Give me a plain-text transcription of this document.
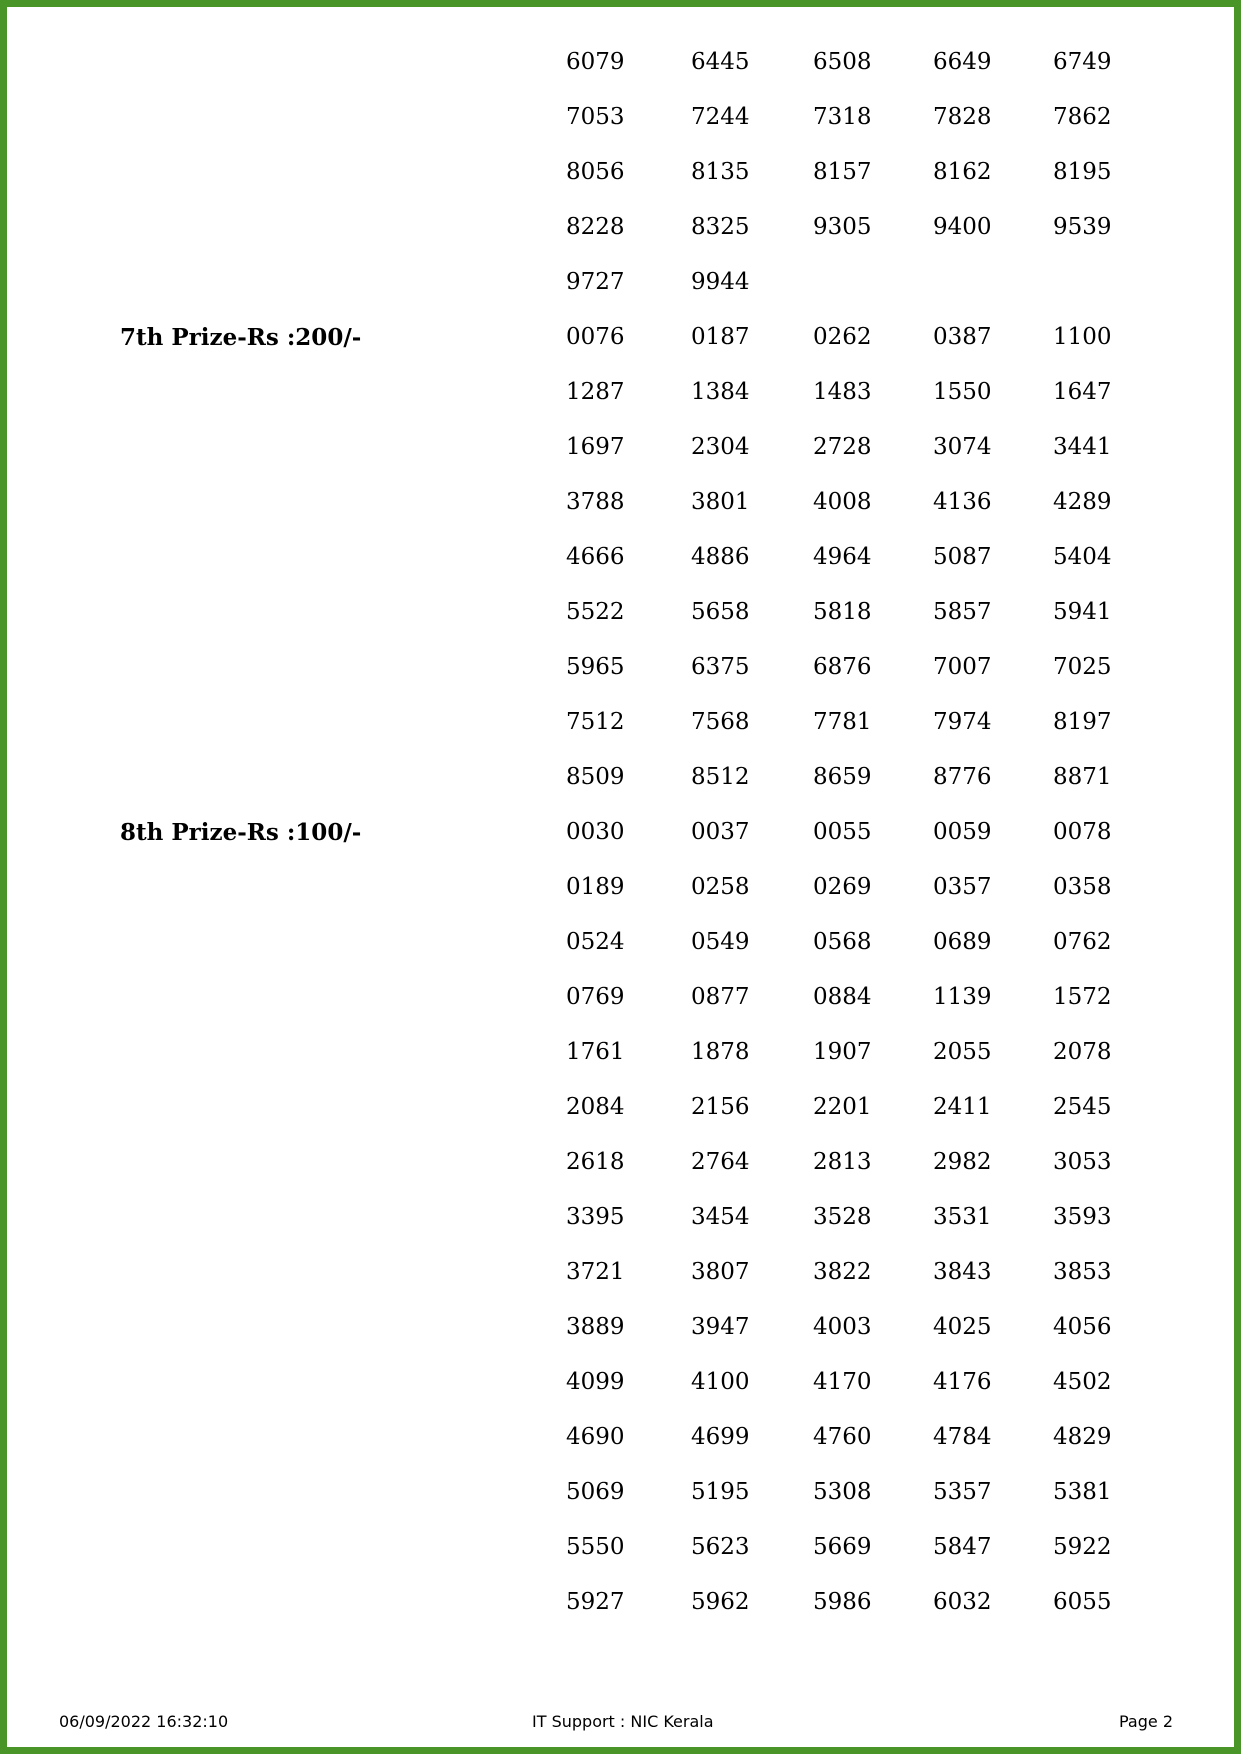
6079	6445	6508	6649	6749
7053	7244	7318	7828	7862
8056	8135	8157	8162	8195
8228	8325	9305	9400	9539
9727	9944
7th Prize-Rs :200/-	0076	0187	0262	0387	1100
1287	1384	1483	1550	1647
1697	2304	2728	3074	3441
3788	3801	4008	4136	4289
4666	4886	4964	5087	5404
5522	5658	5818	5857	5941
5965	6375	6876	7007	7025
7512	7568	7781	7974	8197
8509	8512	8659	8776	8871
8th Prize-Rs :100/-	0030	0037	0055	0059	0078
0189	0258	0269	0357	0358
0524	0549	0568	0689	0762
0769	0877	0884	1139	1572
1761	1878	1907	2055	2078
2084	2156	2201	2411	2545
2618	2764	2813	2982	3053
3395	3454	3528	3531	3593
3721	3807	3822	3843	3853
3889	3947	4003	4025	4056
4099	4100	4170	4176	4502
4690	4699	4760	4784	4829
5069	5195	5308	5357	5381
5550	5623	5669	5847	5922
5927	5962	5986	6032	6055
06/09/2022 16:32:10	IT Support : NIC Kerala	Page 2
